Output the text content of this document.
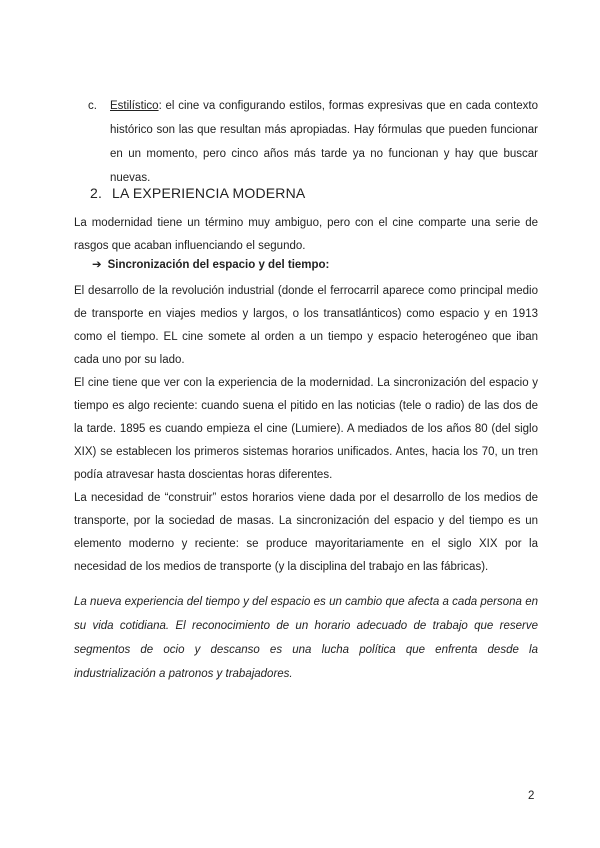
c. Estilístico: el cine va configurando estilos, formas expresivas que en cada contexto histórico son las que resultan más apropiadas. Hay fórmulas que pueden funcionar en un momento, pero cinco años más tarde ya no funcionan y hay que buscar nuevas.
2. LA EXPERIENCIA MODERNA
La modernidad tiene un término muy ambiguo, pero con el cine comparte una serie de rasgos que acaban influenciando el segundo.
➔ Sincronización del espacio y del tiempo:
El desarrollo de la revolución industrial (donde el ferrocarril aparece como principal medio de transporte en viajes medios y largos, o los transatlánticos) como espacio y en 1913 como el tiempo. EL cine somete al orden a un tiempo y espacio heterogéneo que iban cada uno por su lado.
El cine tiene que ver con la experiencia de la modernidad. La sincronización del espacio y tiempo es algo reciente: cuando suena el pitido en las noticias (tele o radio) de las dos de la tarde. 1895 es cuando empieza el cine (Lumiere). A mediados de los años 80 (del siglo XIX) se establecen los primeros sistemas horarios unificados. Antes, hacia los 70, un tren podía atravesar hasta doscientas horas diferentes.
La necesidad de “construir” estos horarios viene dada por el desarrollo de los medios de transporte, por la sociedad de masas. La sincronización del espacio y del tiempo es un elemento moderno y reciente: se produce mayoritariamente en el siglo XIX por la necesidad de los medios de transporte (y la disciplina del trabajo en las fábricas).
La nueva experiencia del tiempo y del espacio es un cambio que afecta a cada persona en su vida cotidiana. El reconocimiento de un horario adecuado de trabajo que reserve segmentos de ocio y descanso es una lucha política que enfrenta desde la industrialización a patronos y trabajadores.
2
